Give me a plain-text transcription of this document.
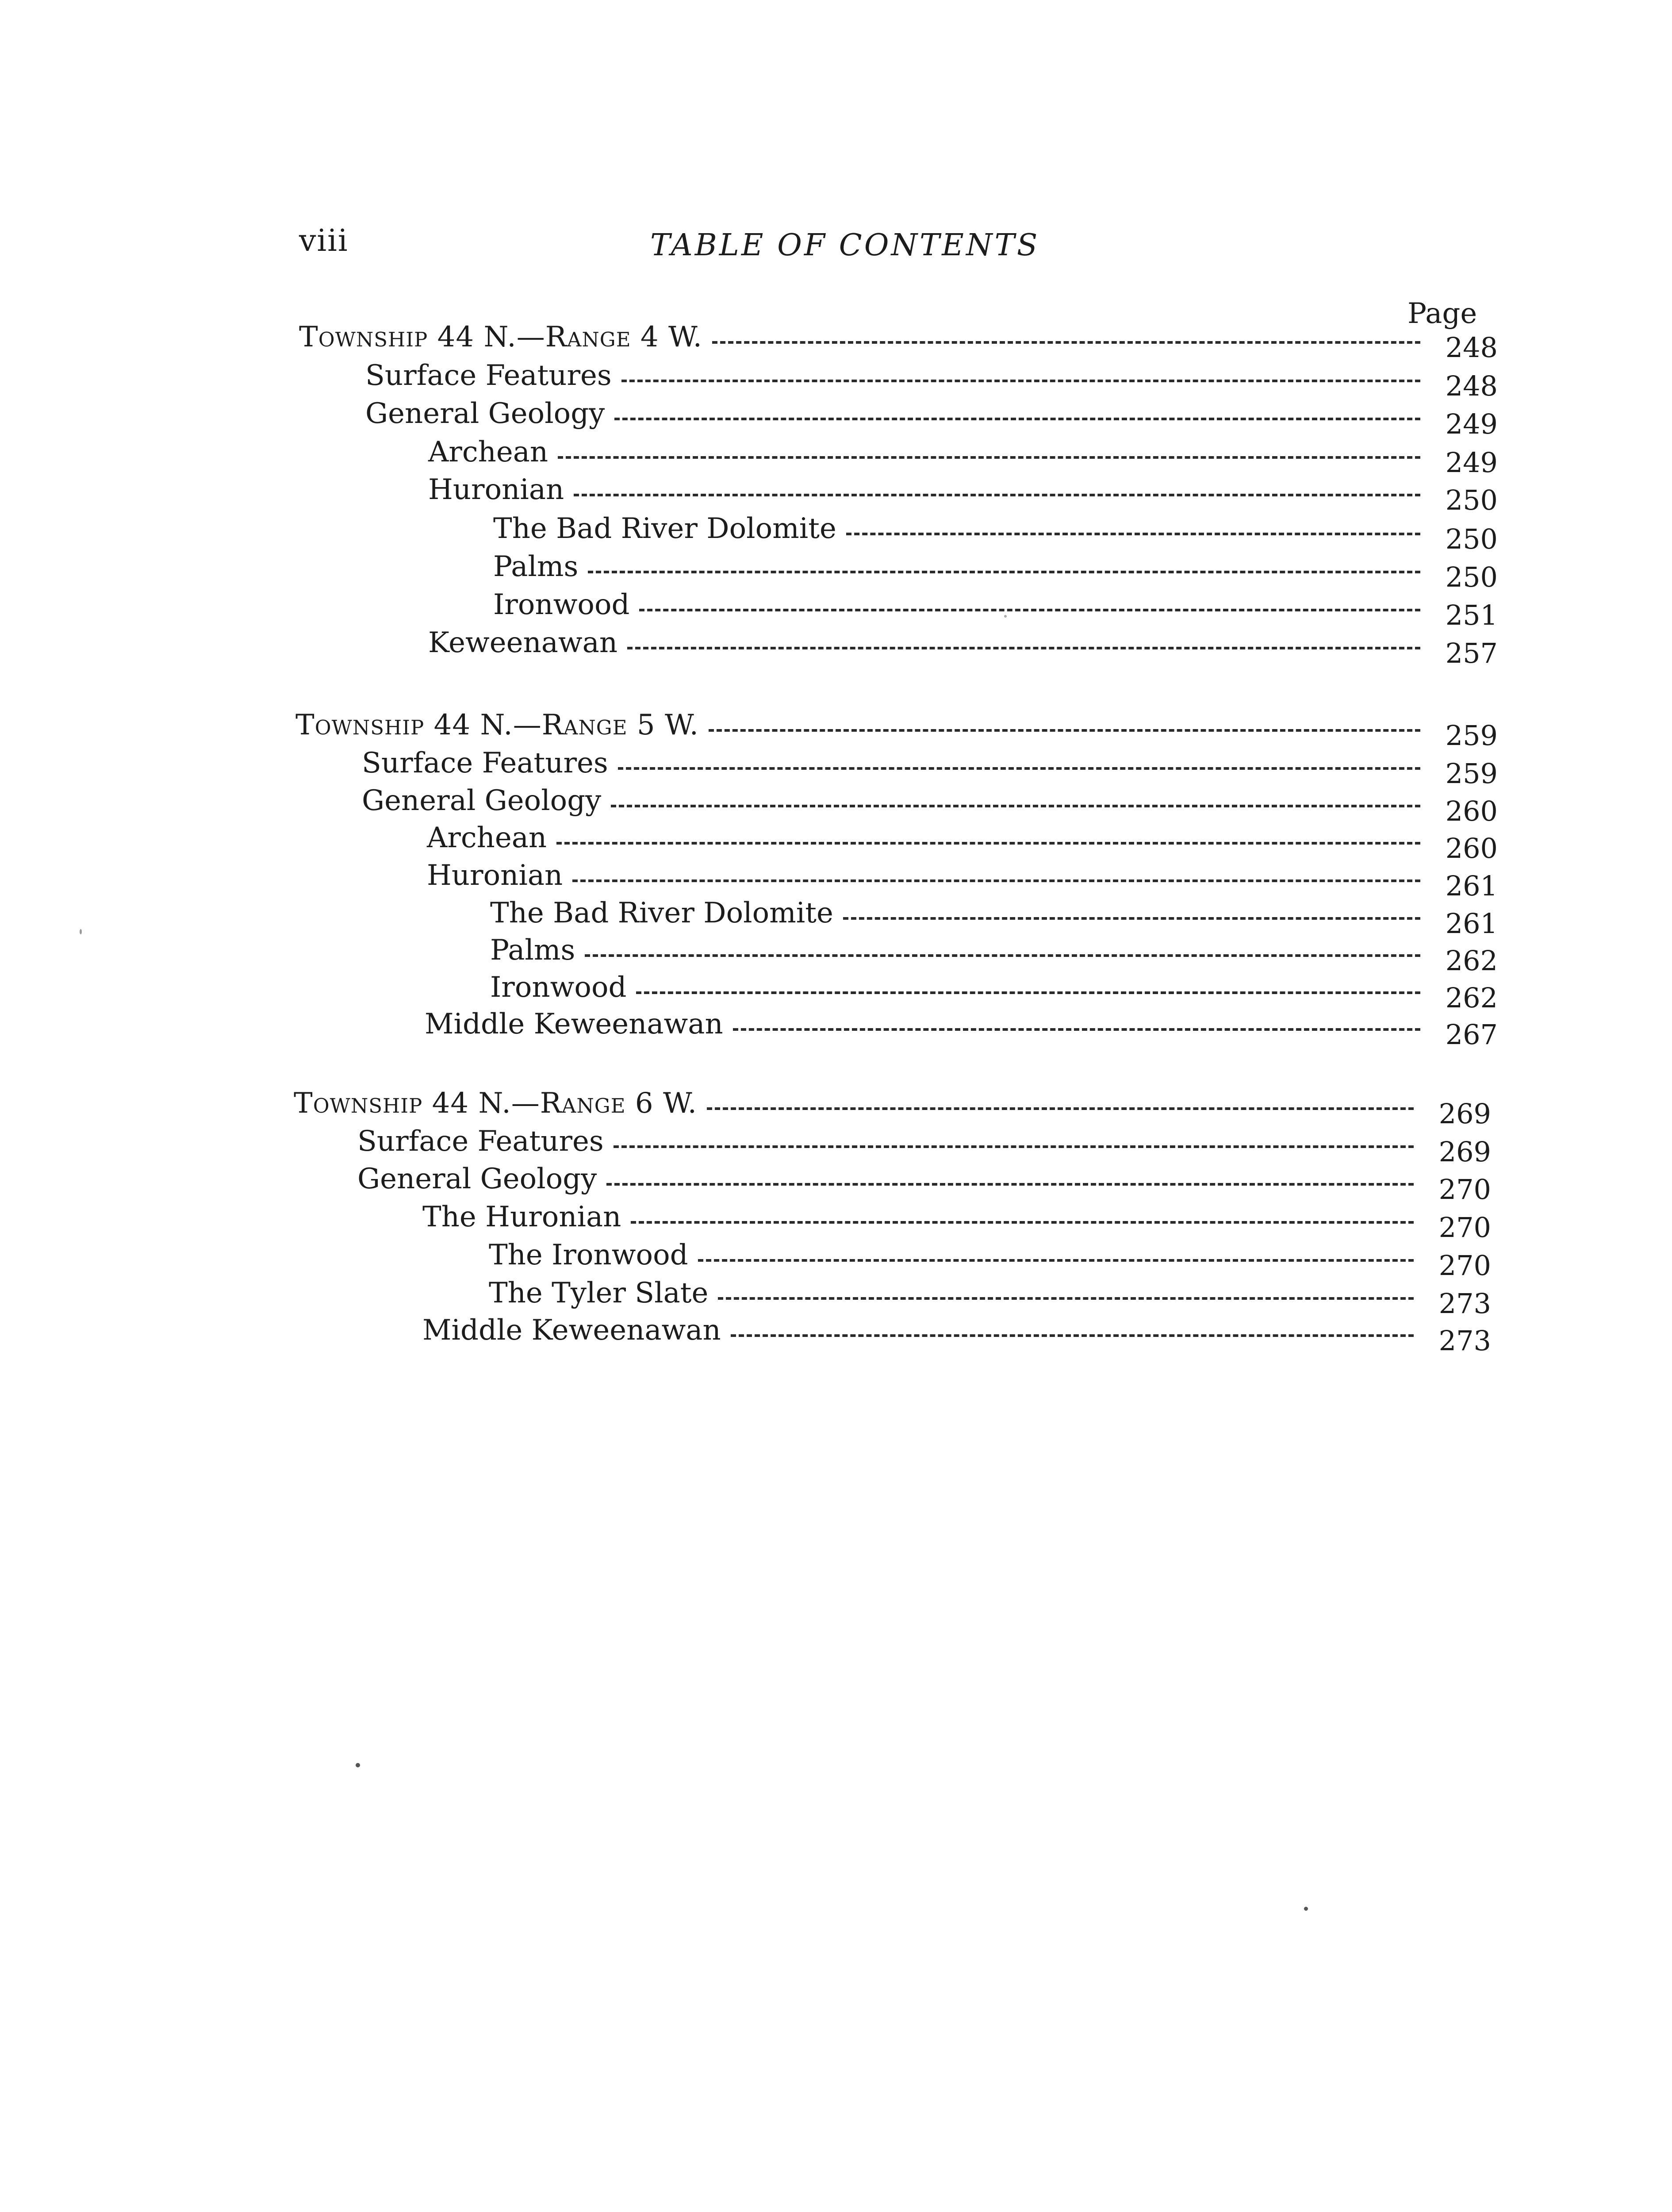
viii	TABLE OF CONTENTS
Page
Township 44 N.—Range 4 W.	248
Surface Features	248
General Geology	249
Archean	249
Huronian	250
The Bad River Dolomite	250
Palms	250
Ironwood	251
Keweenawan	257
Township 44 N.—Range 5 W.	259
Surface Features	259
General Geology	260
Archean	260
Huronian	261
The Bad River Dolomite	261
Palms	262
Ironwood	262
Middle Keweenawan	267
Township 44 N.—Range 6 W.	269
Surface Features	269
General Geology	270
The Huronian	270
The Ironwood	270
The Tyler Slate	273
Middle Keweenawan	273
